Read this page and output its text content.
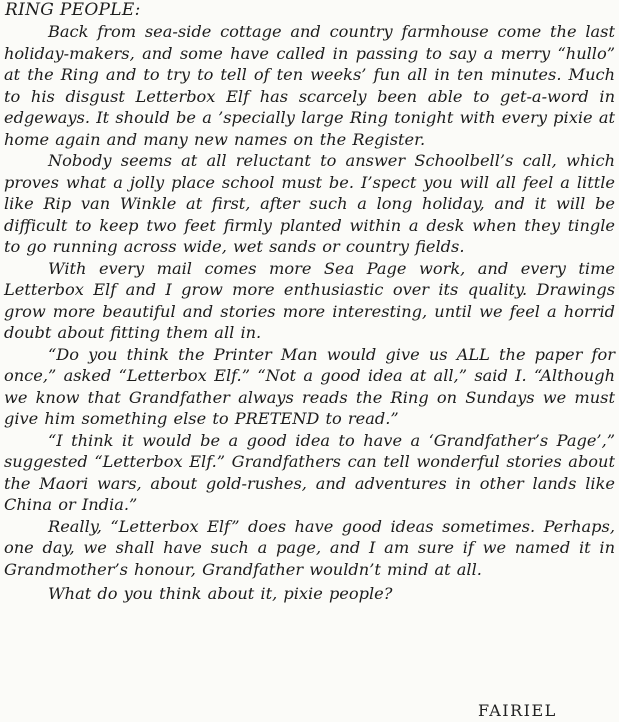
RING PEOPLE:

Back from sea-side cottage and country farmhouse come the last holiday-makers, and some have called in passing to say a merry “hullo” at the Ring and to try to tell of ten weeks’ fun all in ten minutes. Much to his disgust Letterbox Elf has scarcely been able to get-a-word in edgeways. It should be a ’specially large Ring tonight with every pixie at home again and many new names on the Register.

Nobody seems at all reluctant to answer Schoolbell’s call, which proves what a jolly place school must be. I’spect you will all feel a little like Rip van Winkle at first, after such a long holiday, and it will be difficult to keep two feet firmly planted within a desk when they tingle to go running across wide, wet sands or country fields.

With every mail comes more Sea Page work, and every time Letterbox Elf and I grow more enthusiastic over its quality. Drawings grow more beautiful and stories more interesting, until we feel a horrid doubt about fitting them all in.

“Do you think the Printer Man would give us ALL the paper for once,” asked “Letterbox Elf.” “Not a good idea at all,” said I. “Although we know that Grandfather always reads the Ring on Sundays we must give him something else to PRETEND to read.”

“I think it would be a good idea to have a ‘Grandfather’s Page’,” suggested “Letterbox Elf.” Grandfathers can tell wonderful stories about the Maori wars, about gold-rushes, and adventures in other lands like China or India.”

Really, “Letterbox Elf” does have good ideas sometimes. Perhaps, one day, we shall have such a page, and I am sure if we named it in Grandmother’s honour, Grandfather wouldn’t mind at all.

What do you think about it, pixie people?

FAIRIEL
